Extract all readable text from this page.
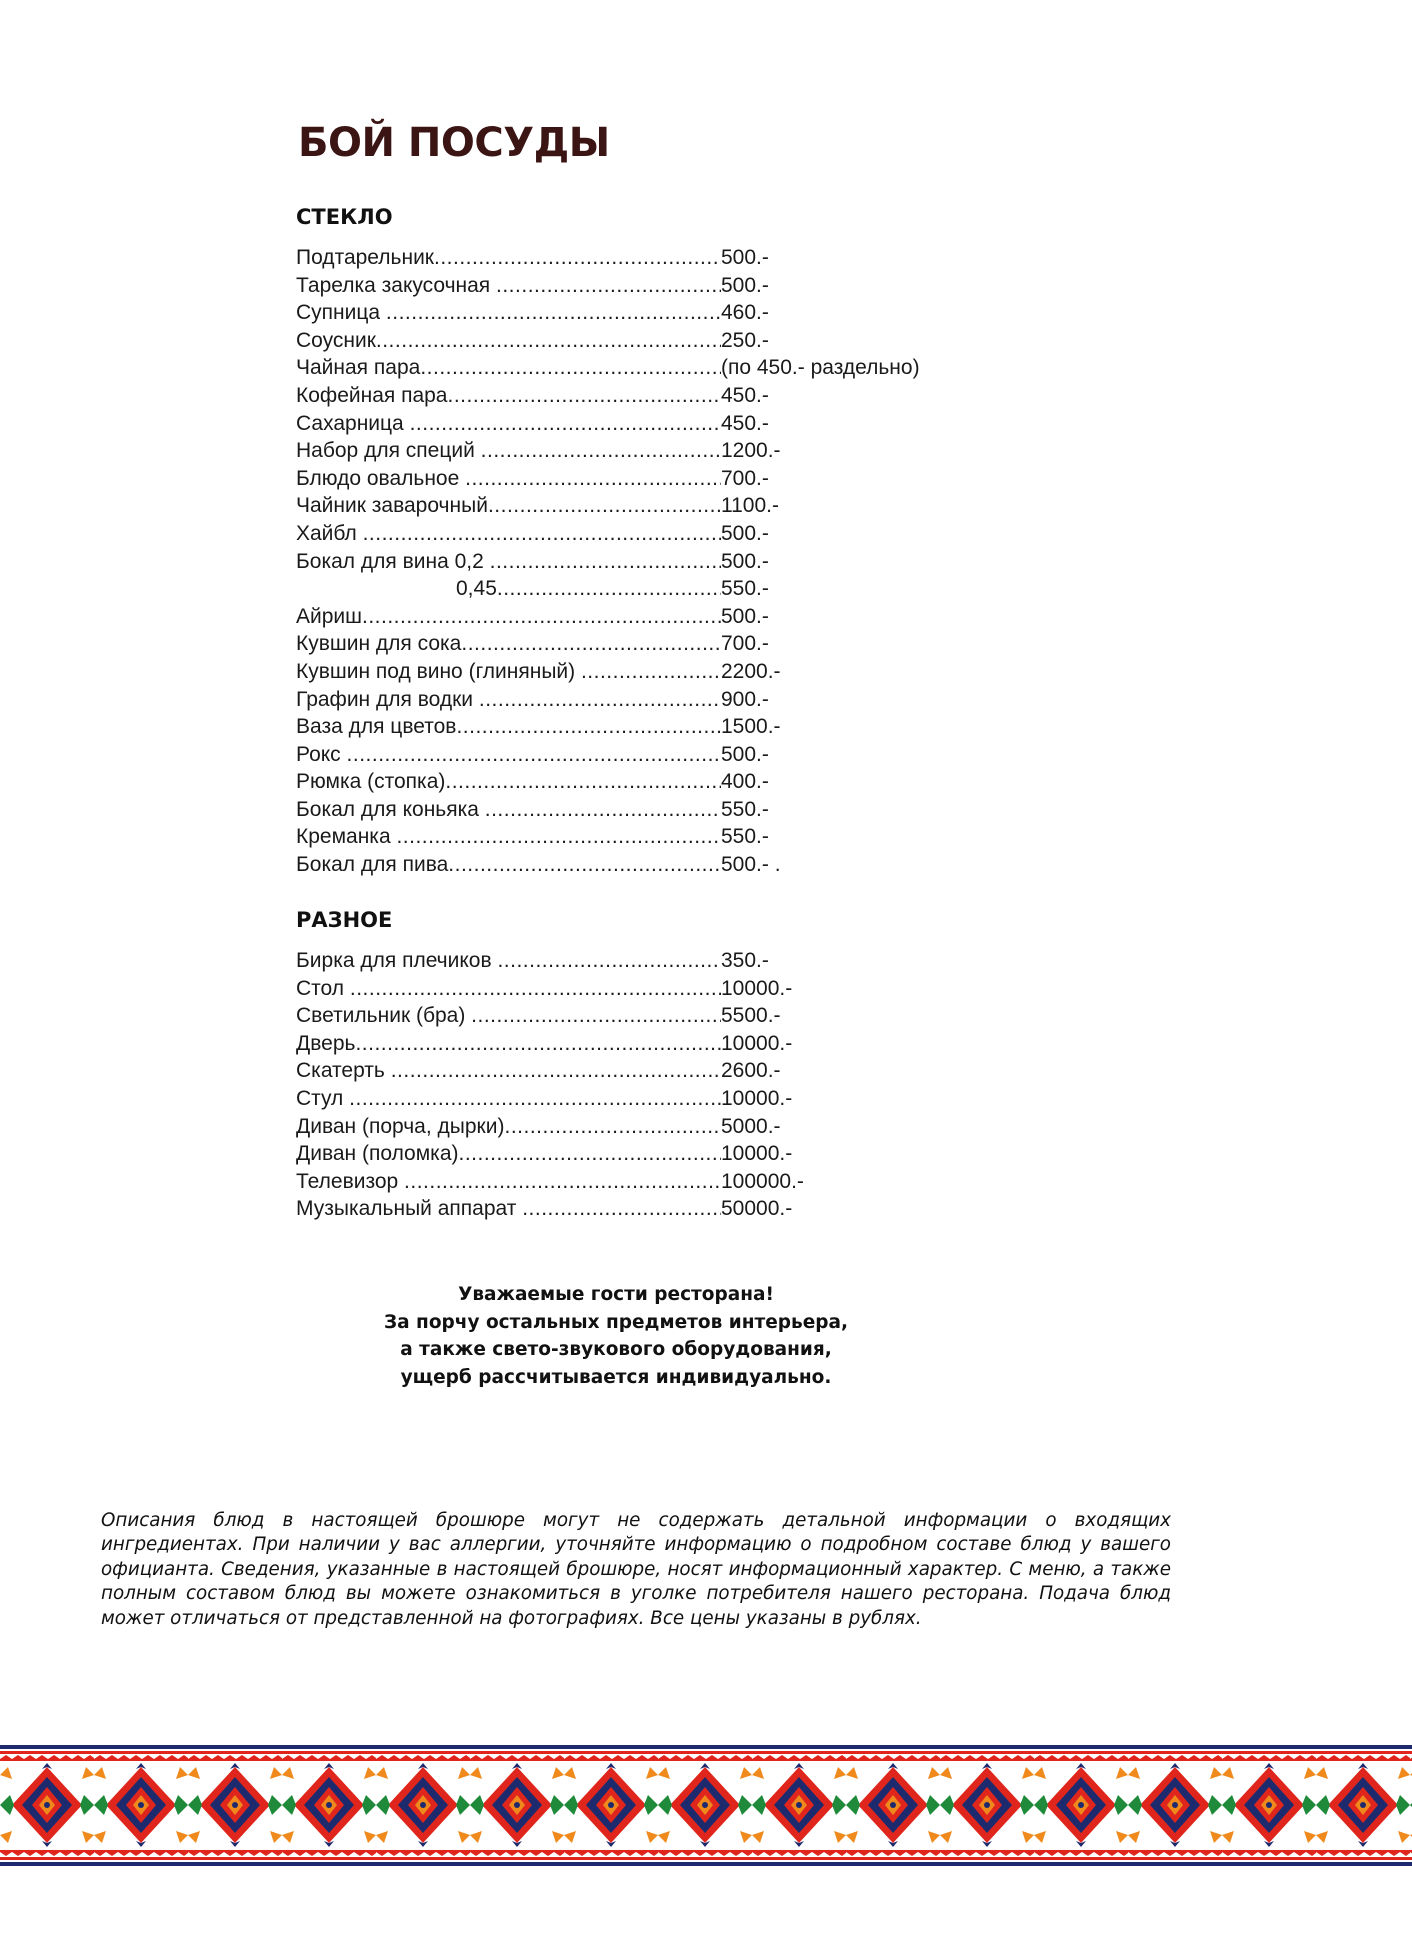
БОЙ ПОСУДЫ
СТЕКЛО
Подтарельник .....	500.-
Тарелка закусочная .....	500.-
Супница .....	460.-
Соусник .....	250.-
Чайная пара .....	(по 450.- раздельно)
Кофейная пара .....	450.-
Сахарница .....	450.-
Набор для специй .....	1200.-
Блюдо овальное .....	700.-
Чайник заварочный .....	1100.-
Хайбл .....	500.-
Бокал для вина 0,2 .....	500.-
0,45 .....	550.-
Айриш .....	500.-
Кувшин для сока .....	700.-
Кувшин под вино (глиняный) .....	2200.-
Графин для водки .....	900.-
Ваза для цветов .....	1500.-
Рокс .....	500.-
Рюмка (стопка) .....	400.-
Бокал для коньяка .....	550.-
Креманка .....	550.-
Бокал для пива .....	500.- .
РАЗНОЕ
Бирка для плечиков .....	350.-
Стол .....	10000.-
Светильник (бра) .....	5500.-
Дверь .....	10000.-
Скатерть .....	2600.-
Стул .....	10000.-
Диван (порча, дырки) .....	5000.-
Диван (поломка) .....	10000.-
Телевизор .....	100000.-
Музыкальный аппарат .....	50000.-
Уважаемые гости ресторана!
За порчу остальных предметов интерьера,
а также свето-звукового оборудования,
ущерб рассчитывается индивидуально.
Описания блюд в настоящей брошюре могут не содержать детальной информации о входящих ингредиентах. При наличии у вас аллергии, уточняйте информацию о подробном составе блюд у вашего официанта. Сведения, указанные в настоящей брошюре, носят информационный характер. С меню, а также полным составом блюд вы можете ознакомиться в уголке потребителя нашего ресторана. Подача блюд может отличаться от представленной на фотографиях. Все цены указаны в рублях.
